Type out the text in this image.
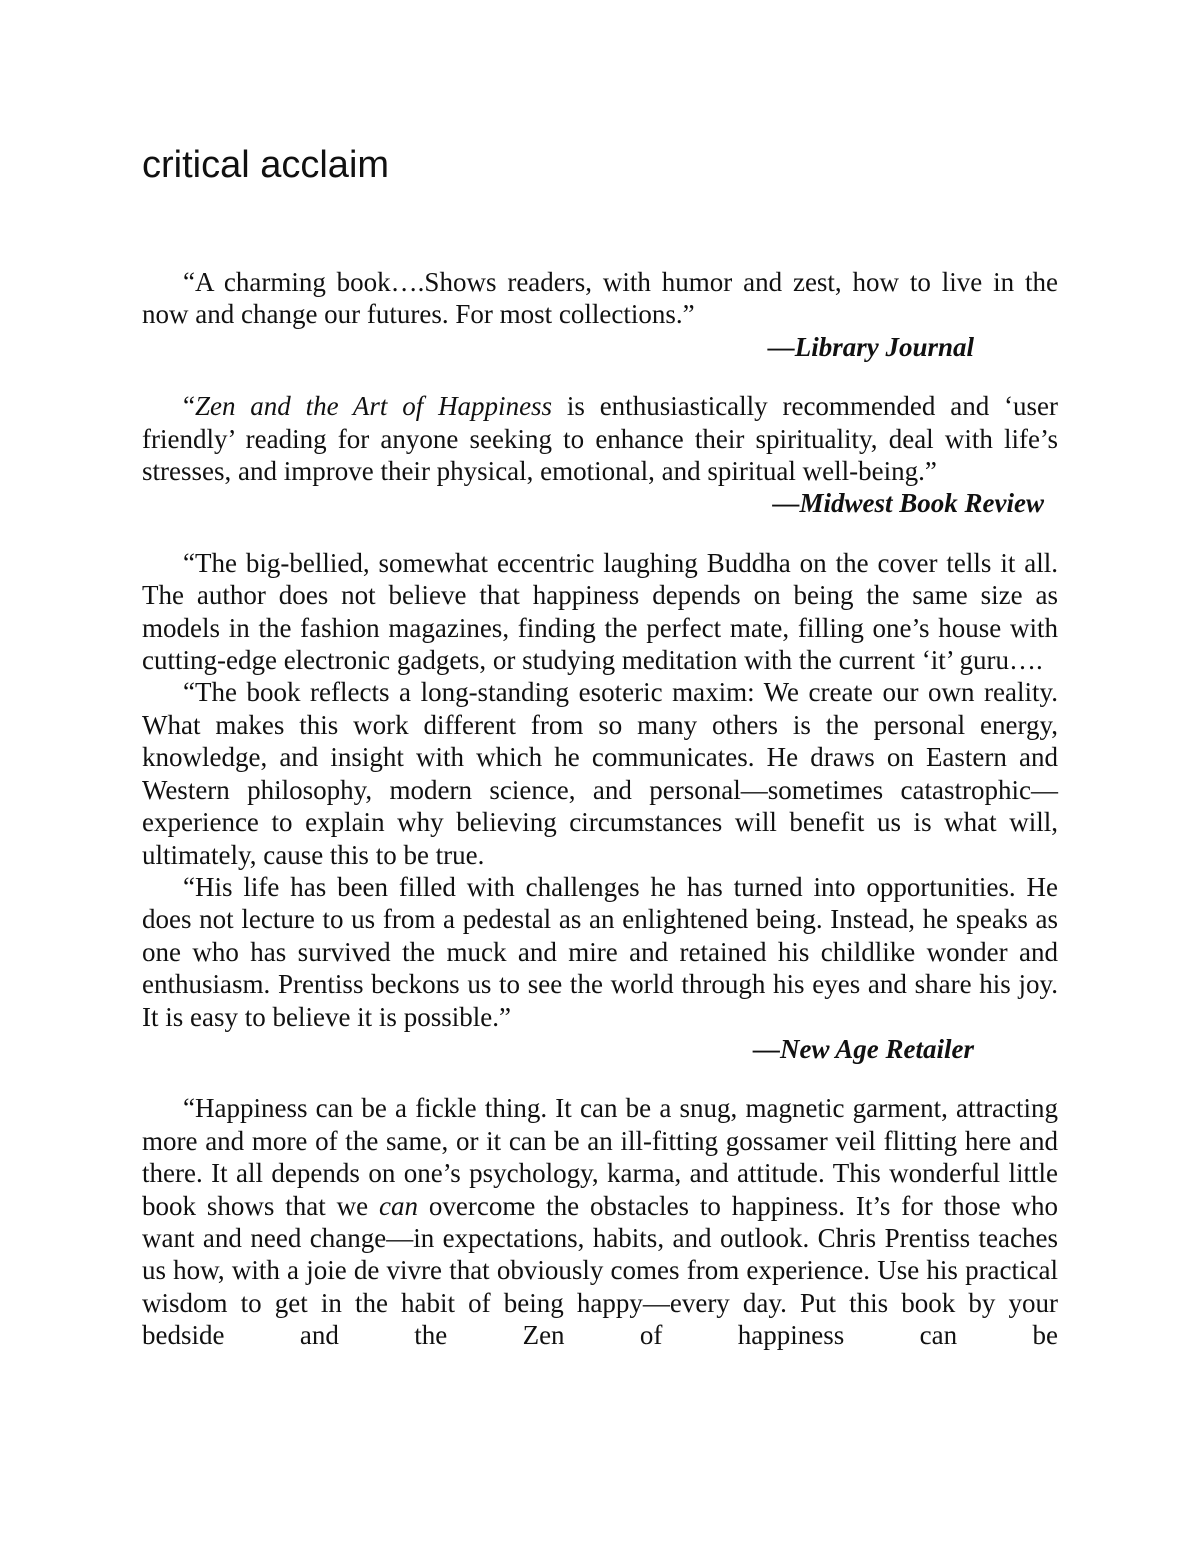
critical acclaim

“A charming book….Shows readers, with humor and zest, how to live in the now and change our futures. For most collections.”

—Library Journal

“Zen and the Art of Happiness is enthusiastically recommended and ‘user friendly’ reading for anyone seeking to enhance their spirituality, deal with life’s stresses, and improve their physical, emotional, and spiritual well-being.”

—Midwest Book Review

“The big-bellied, somewhat eccentric laughing Buddha on the cover tells it all. The author does not believe that happiness depends on being the same size as models in the fashion magazines, finding the perfect mate, filling one’s house with cutting-edge electronic gadgets, or studying meditation with the current ‘it’ guru….

“The book reflects a long-standing esoteric maxim: We create our own reality. What makes this work different from so many others is the personal energy, knowledge, and insight with which he communicates. He draws on Eastern and Western philosophy, modern science, and personal—sometimes catastrophic—experience to explain why believing circumstances will benefit us is what will, ultimately, cause this to be true.

“His life has been filled with challenges he has turned into opportunities. He does not lecture to us from a pedestal as an enlightened being. Instead, he speaks as one who has survived the muck and mire and retained his childlike wonder and enthusiasm. Prentiss beckons us to see the world through his eyes and share his joy. It is easy to believe it is possible.”

—New Age Retailer

“Happiness can be a fickle thing. It can be a snug, magnetic garment, attracting more and more of the same, or it can be an ill-fitting gossamer veil flitting here and there. It all depends on one’s psychology, karma, and attitude. This wonderful little book shows that we can overcome the obstacles to happiness. It’s for those who want and need change—in expectations, habits, and outlook. Chris Prentiss teaches us how, with a joie de vivre that obviously comes from experience. Use his practical wisdom to get in the habit of being happy—every day. Put this book by your bedside and the Zen of happiness can be
